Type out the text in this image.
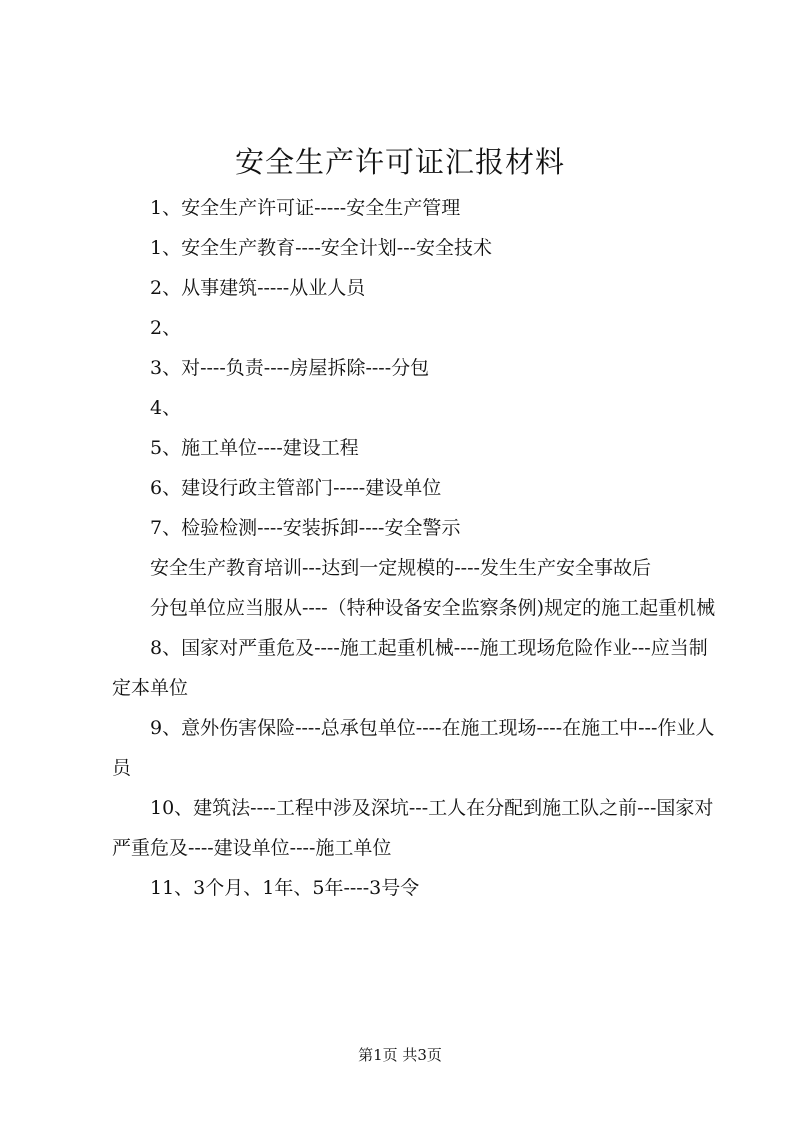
安全生产许可证汇报材料

1、安全生产许可证-----安全生产管理

1、安全生产教育----安全计划---安全技术

2、从事建筑-----从业人员

2、

3、对----负责----房屋拆除----分包

4、

5、施工单位----建设工程

6、建设行政主管部门-----建设单位

7、检验检测----安装拆卸----安全警示

安全生产教育培训---达到一定规模的----发生生产安全事故后

分包单位应当服从----（特种设备安全监察条例)规定的施工起重机械

8、国家对严重危及----施工起重机械----施工现场危险作业---应当制定本单位

9、意外伤害保险----总承包单位----在施工现场----在施工中---作业人员

10、建筑法----工程中涉及深坑---工人在分配到施工队之前---国家对严重危及----建设单位----施工单位

11、3个月、1年、5年----3号令

第1页 共3页
